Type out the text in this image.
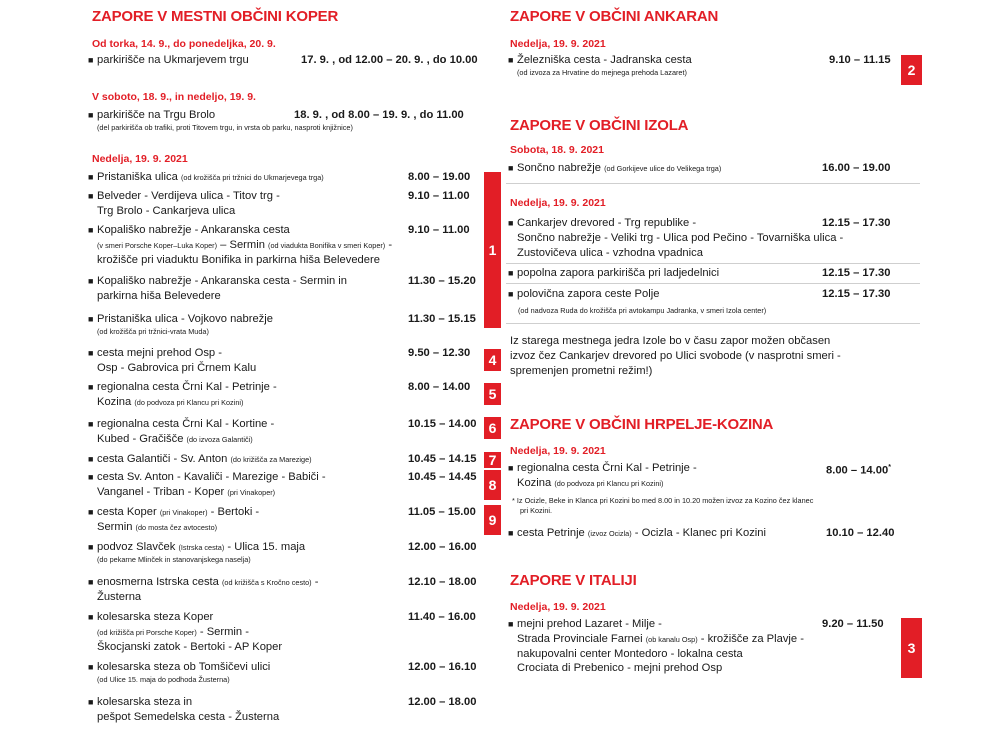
ZAPORE V MESTNI OBČINI KOPER

Od torka, 14. 9., do ponedeljka, 20. 9.

■ parkirišče na Ukmarjevem trgu	17. 9. , od 12.00 – 20. 9. , do 10.00

V soboto, 18. 9., in nedeljo, 19. 9.

■ parkirišče na Trgu Brolo
(del parkirišča ob trafiki, proti Titovem trgu, in vrsta ob parku, nasproti knjižnice)
18. 9. , od 8.00 – 19. 9. , do 11.00

Nedelja, 19. 9. 2021

■ Pristaniška ulica (od krožišča pri tržnici do Ukmarjevega trga)	8.00 – 19.00
■ Belveder - Verdijeva ulica - Titov trg -
Trg Brolo - Cankarjeva ulica
9.10 – 11.00
■ Kopališko nabrežje - Ankaranska cesta
(v smeri Porsche Koper–Luka Koper) – Sermin (od viadukta Bonifika v smeri Koper) -
krožišče pri viaduktu Bonifika in parkirna hiša Belevedere
9.10 – 11.00
■ Kopališko nabrežje - Ankaranska cesta - Sermin in
parkirna hiša Belevedere
11.30 – 15.20
■ Pristaniška ulica - Vojkovo nabrežje
(od krožišča pri tržnici-vrata Muda)
11.30 – 15.15
■ cesta mejni prehod Osp -
Osp - Gabrovica pri Črnem Kalu
9.50 – 12.30	4
■ regionalna cesta Črni Kal - Petrinje -
Kozina (do podvoza pri Klancu pri Kozini)
8.00 – 14.00	5
■ regionalna cesta Črni Kal - Kortine -
Kubed - Gračišče (do izvoza Galantiči)
10.15 – 14.00 6
■ cesta Galantiči - Sv. Anton (do križišča za Marezige)	10.45 – 14.15 7
■ cesta Sv. Anton - Kavaliči - Marezige - Babiči -
Vanganel - Triban - Koper (pri Vinakoper)
10.45 – 14.45 8
■ cesta Koper (pri Vinakoper) - Bertoki -
Sermin (do mosta čez avtocesto)
11.05 – 15.00 9
■ podvoz Slavček (Istrska cesta) - Ulica 15. maja
(do pekarne Mlinček in stanovanjskega naselja)
12.00 – 16.00
■ enosmerna Istrska cesta (od križišča s Kročno cesto) -
Žusterna
12.10 – 18.00
■ kolesarska steza Koper
(od križišča pri Porsche Koper) - Sermin -
Škocjanski zatok - Bertoki - AP Koper
11.40 – 16.00
■ kolesarska steza ob Tomšičevi ulici
(od Ulice 15. maja do podhoda Žusterna)
12.00 – 16.10
■ kolesarska steza in
pešpot Semedelska cesta - Žusterna
12.00 – 18.00
1
ZAPORE V OBČINI ANKARAN

Nedelja, 19. 9. 2021

■ Železniška cesta - Jadranska cesta
(od izvoza za Hrvatine do mejnega prehoda Lazaret)
9.10 – 11.15
2
ZAPORE V OBČINI IZOLA

Sobota, 18. 9. 2021

■ Sončno nabrežje (od Gorkijeve ulice do Velikega trga)	16.00 – 19.00

Nedelja, 19. 9. 2021

■ Cankarjev drevored - Trg republike -
Sončno nabrežje - Veliki trg - Ulica pod Pečino - Tovarniška ulica -
Zustovičeva ulica - vzhodna vpadnica
12.15 – 17.30
■ popolna zapora parkirišča pri ladjedelnici	12.15 – 17.30
■ polovična zapora ceste Polje	12.15 – 17.30
(od nadvoza Ruda do krožišča pri avtokampu Jadranka, v smeri Izola center)
Iz starega mestnega jedra Izole bo v času zapor možen občasen
izvoz čez Cankarjev drevored po Ulici svobode (v nasprotni smeri -
spremenjen prometni režim!)
ZAPORE V OBČINI HRPELJE-KOZINA

Nedelja, 19. 9. 2021

■ regionalna cesta Črni Kal - Petrinje -
Kozina (do podvoza pri Klancu pri Kozini)
8.00 – 14.00*
* Iz Ocizle, Beke in Klanca pri Kozini bo med 8.00 in 10.20 možen izvoz za Kozino čez klanec
pri Kozini.
■ cesta Petrinje (izvoz Ocizla) - Ocizla - Klanec pri Kozini	10.10 – 12.40
ZAPORE V ITALIJI

Nedelja, 19. 9. 2021

■ mejni prehod Lazaret - Milje -
Strada Provinciale Farnei (ob kanalu Osp) - krožišče za Plavje -
nakupovalni center Montedoro - lokalna cesta
Crociata di Prebenico - mejni prehod Osp
9.20 – 11.50
3
